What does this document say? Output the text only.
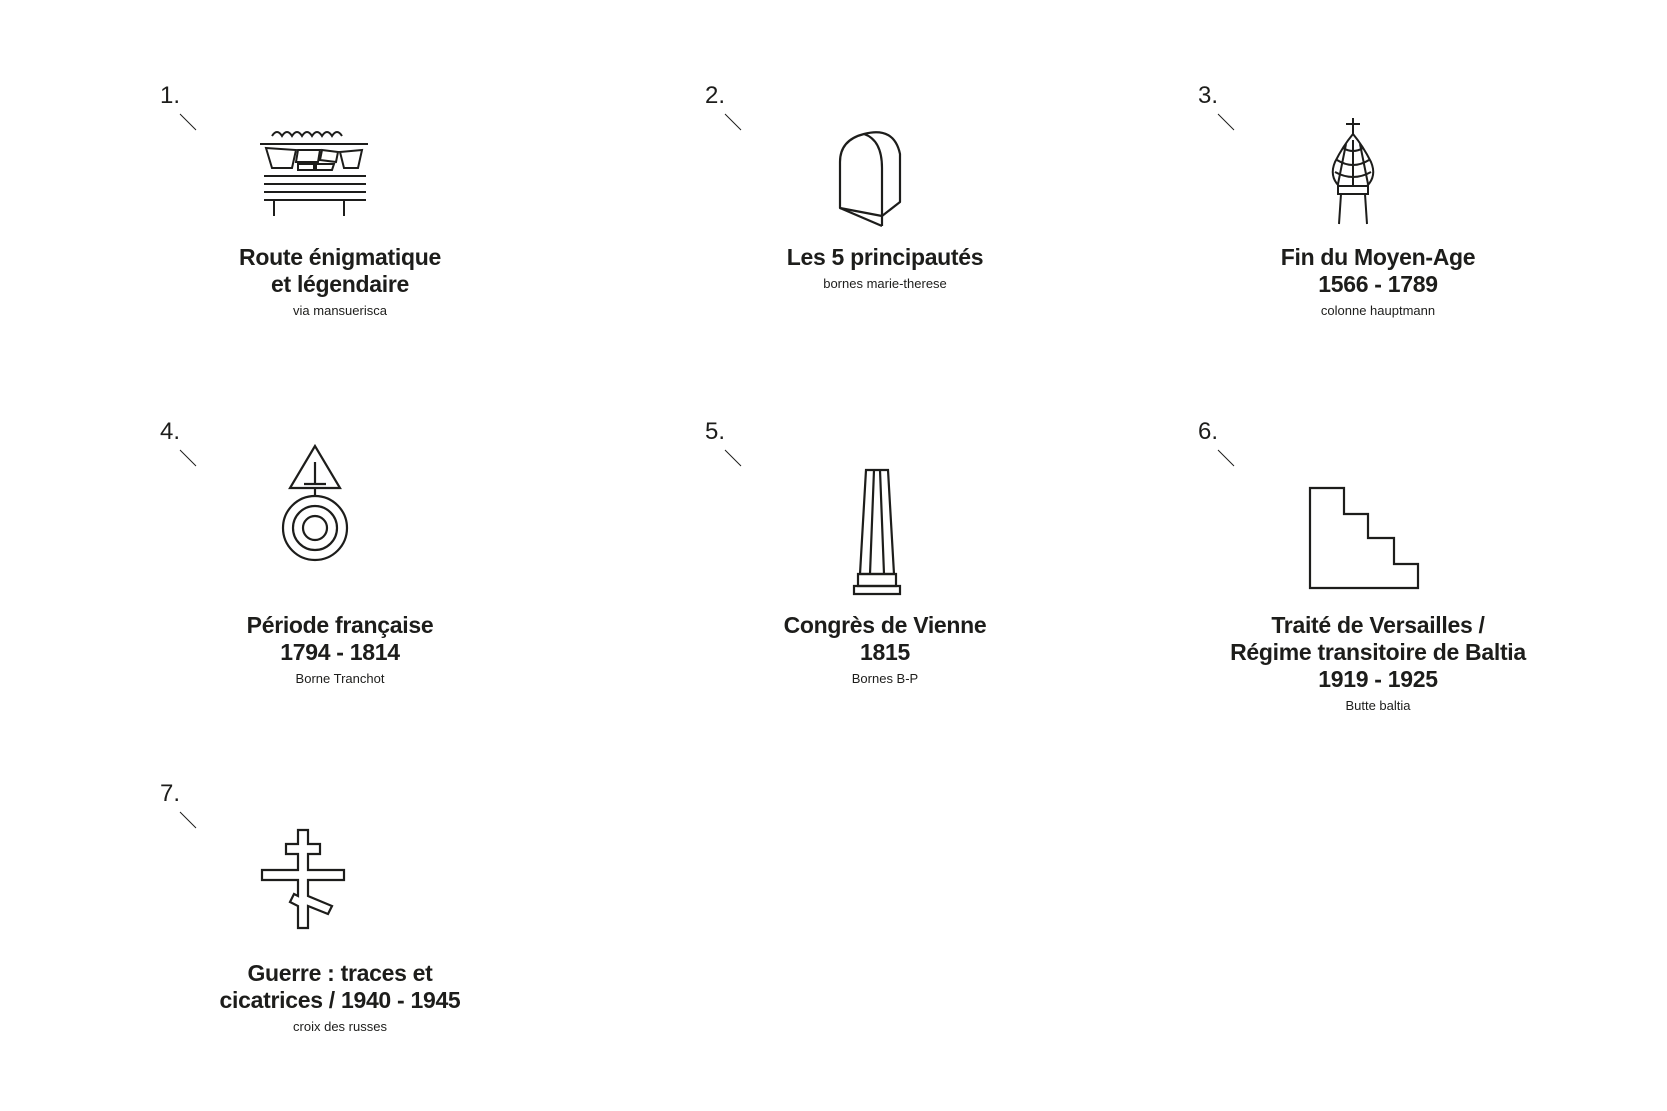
1.
Route énigmatique
et légendaire
via mansuerisca
2.
Les 5 principautés
bornes marie-therese
3.
Fin du Moyen-Age
1566 - 1789
colonne hauptmann
4.
Période française
1794 - 1814
Borne Tranchot
5.
Congrès de Vienne
1815
Bornes B-P
6.
Traité de Versailles /
Régime transitoire de Baltia
1919 - 1925
Butte baltia
7.
Guerre : traces et
cicatrices / 1940 - 1945
croix des russes
